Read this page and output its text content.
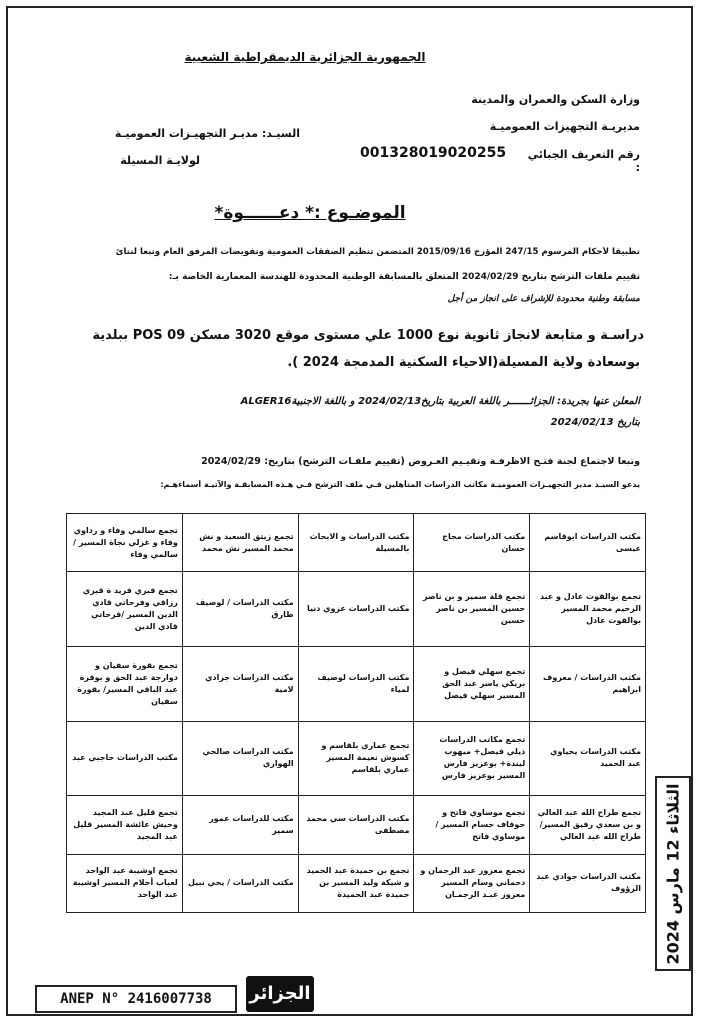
الجمهورية الجزائرية الديمقراطية الشعبية
وزارة السكن والعمران والمدينة
مديريـة التجهيزات العموميـة
رقم التعريف الجبائي :
001328019020255
السيـد: مديـر التجهيـزات العموميـة
لولايـة المسيلة
الموضـوع :* دعــــــوة*
تطبيقا لأحكام المرسوم 247/15 المؤرخ 2015/09/16 المتضمن تنظيم الصفقات العمومية وتفويضات المرفق العام وتبعا لنتائ
تقييم ملفات الترشح بتاريخ 2024/02/29 المتعلق بالمسابقة الوطنية المحدودة للهندسة المعمارية الخاصة بـ:
مسابقة وطنية محدودة للإشراف على انجاز من أجل
دراسـة و متابعة لانجاز ثانوية نوع 1000 علي مستوى موقع 3020 مسكن POS 09 ببلدية
بوسعادة ولاية المسيلة(الاحياء السكنية المدمجة 2024 ).
المعلن عنها بجريدة: الجزائـــــــر باللغة العربية بتاريخ2024/02/13 و باللغة الاجنبيةALGER16
بتاريخ 2024/02/13
وتبعا لاجتماع لجنة فتـح الاظرفـة وتقيـيم العـروض (تقييم ملفـات الترشح) بتاريخ: 2024/02/29
يدعو السيـد مدير التجهيـزات العموميـة مكاتب الدراسات المتأهلين فـي ملف الترشح فـي هـذه المسابقـة والآتيـة أسماءهـم:
مكتب الدراسات ابوقاسم عيسى	مكتب الدراسات مجاج حسان	مكتب الدراسات و الابحاث بالمسيلة	تجمع زيتق السعيد و نش محمد المسير نش محمد	تجمع سالمي وفاء و رداوي وفاء و غزلي نجاة المسير / سالمي وفاء
تجمع بوالقوت عادل و عبد الرحيم محمد المسير بوالقوت عادل	تجمع قلة سمير و بن ناصر حسين المسير بن ناصر حسين	مكتب الدراسات عزوي دنيا	مكتب الدراسات / لوصيف طارق	تجمع قبري فريد ة قبري رزاقي وفرحاتي قادي الدين المسير /فرحاتي قادي الدين
مكتب الدراسات / معروف ابراهيم	تجمع سهلي فيصل و بريكي ياسر عبد الحق المسير سهلي فيصل	مكتب الدراسات لوصيف لمياء	مكتب الدراسات جرادي لامية	تجمع بقورة سفيان و دوارجة عبد الحق و بوقرة عبد الباقي المسير/ بقورة سفيان
مكتب الدراسات يحياوي عبد الحميد	تجمع مكاتب الدراسات ذيلي فيصل+ ميهوب ليندة+ بوعزيز فارس المسير بوعزيز فارس	تجمع عماري بلقاسم و كسوش نعيمة المسير عماري بلقاسم	مكتب الدراسات صالحي الهواري	مكتب الدراسات حاجبي عبد
تجمع طراح الله عبد العالي و بن سعدي رفيق المسير/طراح الله عبد العالي	تجمع موساوي فاتح و حوفاف حسام المسير /موساوي فاتح	مكتب الدراسات سي محمد مصطفى	مكتب للدراسات عمور سمير	تجمع قليل عبد المجيد وحيش عائشة المسير قليل عبد المجيد
مكتب الدراسات جوادي عبد الرؤوف	تجمع معزوز عبد الرحمان و دحماني وسام المسير معزوز عبـد الرحمـان	تجمع بن حميدة عبد الحميد و شيكة وليد المسير بن حميدة عبد الحميدة	مكتب الدراسات / يحي نبيل	تجمع اوشيبة عبد الواحد لعباب أحلام المسير اوشيبة عبد الواحد
الثلاثاء 12 مارس 2024
ANEP N° 2416007738	الجزائر
